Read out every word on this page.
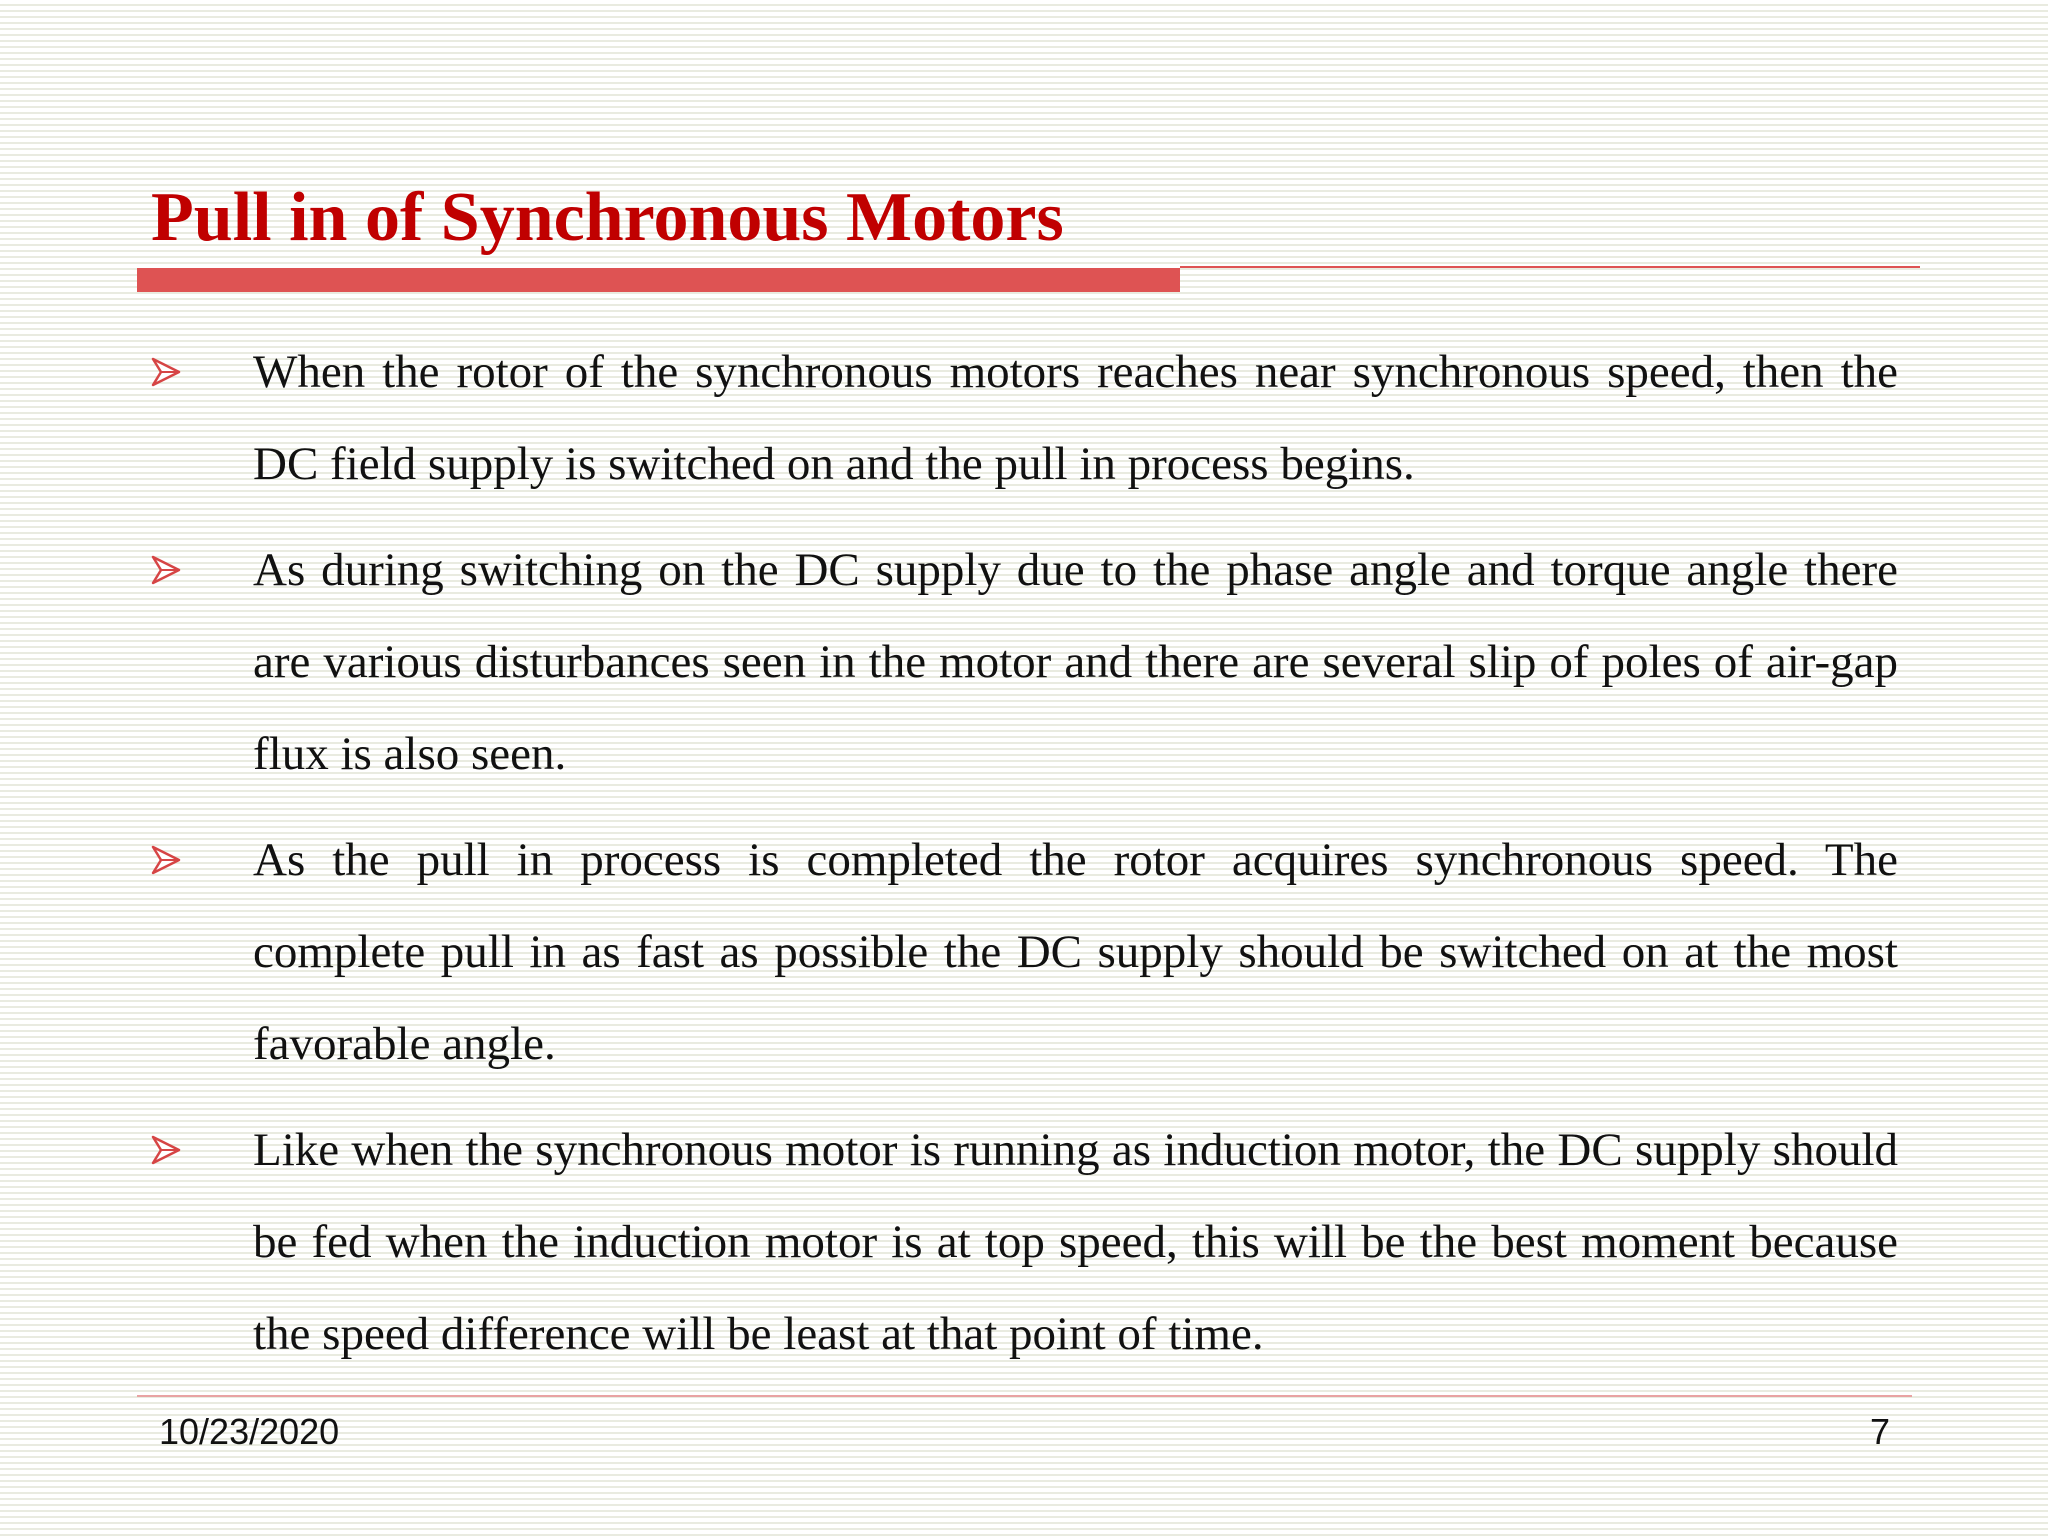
Pull in of Synchronous Motors
When the rotor of the synchronous motors reaches near synchronous speed, then the DC field supply is switched on and the pull in process begins.
As during switching on the DC supply due to the phase angle and torque angle there are various disturbances seen in the motor and there are several slip of poles of air-gap flux is also seen.
As the pull in process is completed the rotor acquires synchronous speed. The complete pull in as fast as possible the DC supply should be switched on at the most favorable angle.
Like when the synchronous motor is running as induction motor, the DC supply should be fed when the induction motor is at top speed, this will be the best moment because the speed difference will be least at that point of time.
10/23/2020	7
